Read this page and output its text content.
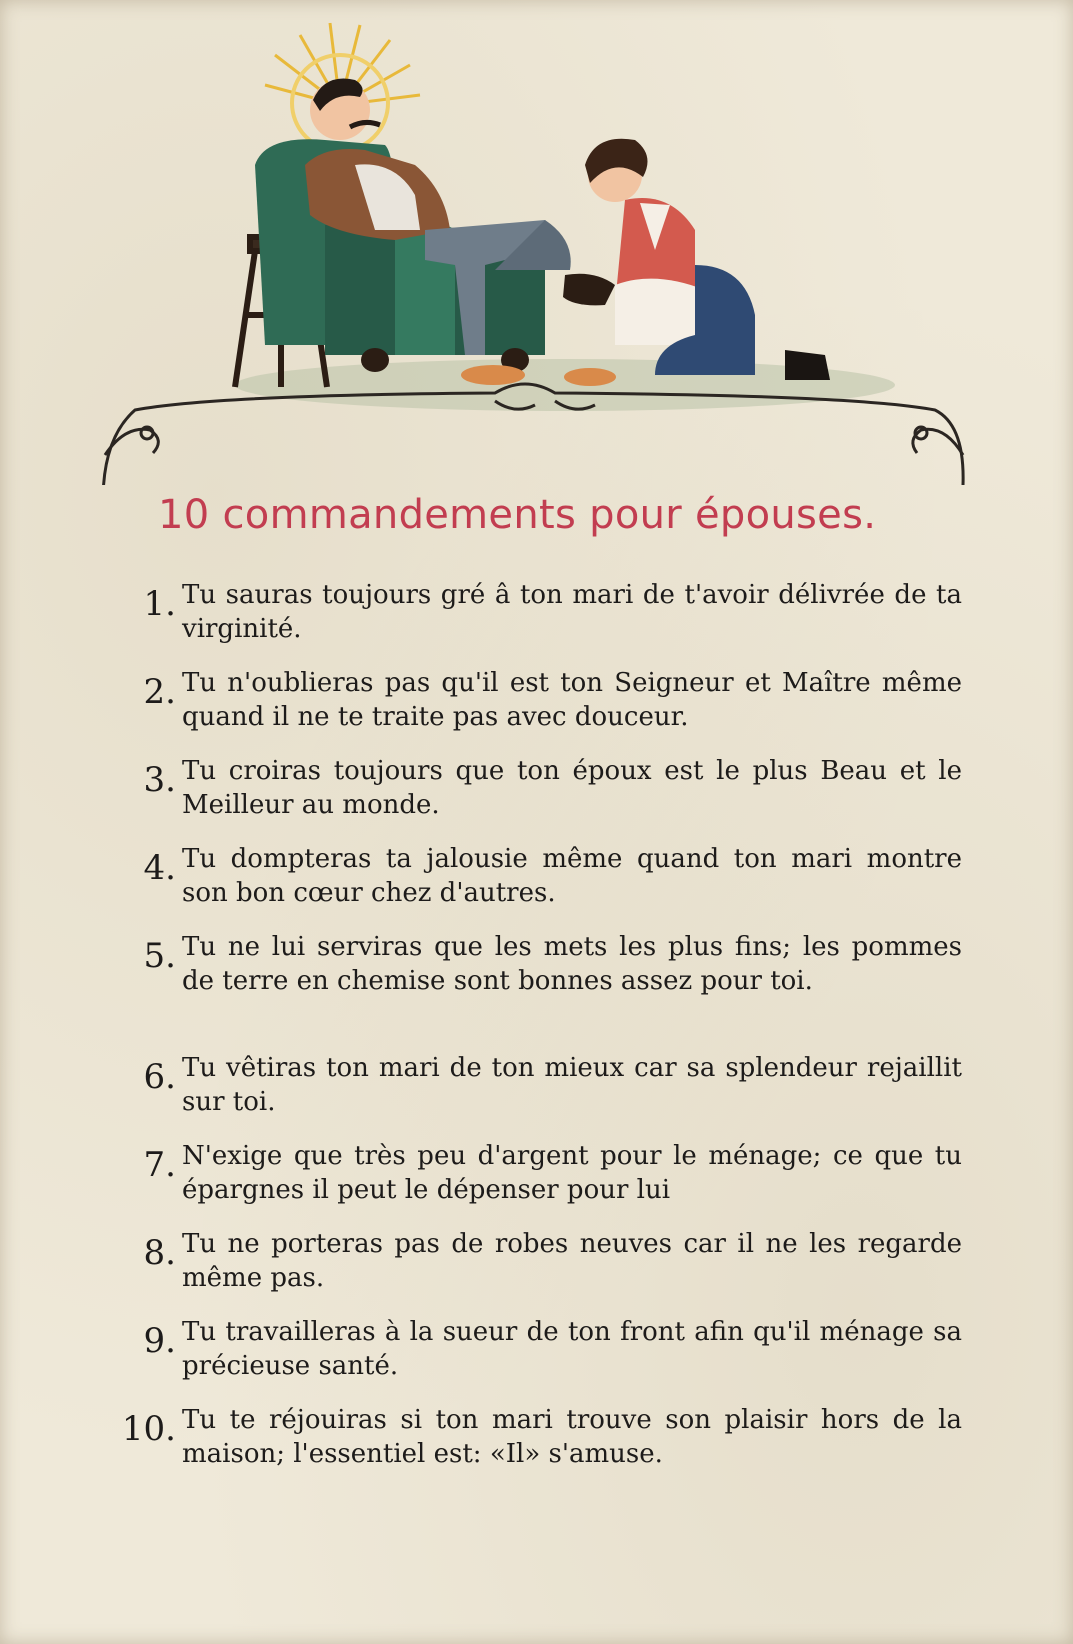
10 commandements pour épouses.
1. Tu sauras toujours gré â ton mari de t'avoir délivrée de ta virginité.
2. Tu n'oublieras pas qu'il est ton Seigneur et Maître même quand il ne te traite pas avec douceur.
3. Tu croiras toujours que ton époux est le plus Beau et le Meilleur au monde.
4. Tu dompteras ta jalousie même quand ton mari montre son bon cœur chez d'autres.
5. Tu ne lui serviras que les mets les plus fins; les pommes de terre en chemise sont bonnes assez pour toi.
6. Tu vêtiras ton mari de ton mieux car sa splendeur rejaillit sur toi.
7. N'exige que très peu d'argent pour le ménage; ce que tu épargnes il peut le dépenser pour lui
8. Tu ne porteras pas de robes neuves car il ne les regarde même pas.
9. Tu travailleras à la sueur de ton front afin qu'il ménage sa précieuse santé.
10. Tu te réjouiras si ton mari trouve son plaisir hors de la maison; l'essentiel est: «Il» s'amuse.
